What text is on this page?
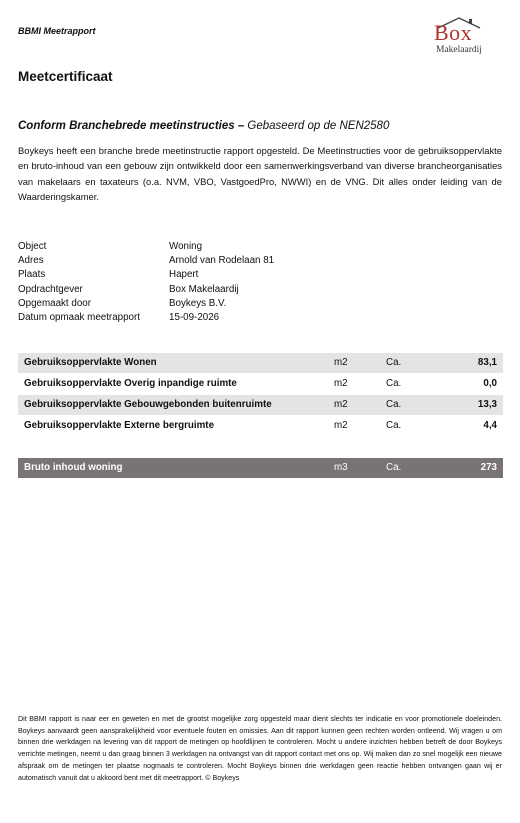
BBMI Meetrapport	Box
Makelaardij
Meetcertificaat
Conform Branchebrede meetinstructies – Gebaseerd op de NEN2580
Boykeys heeft een branche brede meetinstructie rapport opgesteld. De Meetinstructies voor de gebruiksoppervlakte en bruto-inhoud van een gebouw zijn ontwikkeld door een samenwerkingsverband van diverse brancheorganisaties van makelaars en taxateurs (o.a. NVM, VBO, VastgoedPro, NWWI) en de VNG. Dit alles onder leiding van de Waarderingskamer.
Object	Woning
Adres	Arnold van Rodelaan 81
Plaats	Hapert
Opdrachtgever	Box Makelaardij
Opgemaakt door	Boykeys B.V.
Datum opmaak meetrapport	15-09-2026
Gebruiksoppervlakte Wonen	m2	Ca.	83,1
Gebruiksoppervlakte Overig inpandige ruimte	m2	Ca.	0,0
Gebruiksoppervlakte Gebouwgebonden buitenruimte	m2	Ca.	13,3
Gebruiksoppervlakte Externe bergruimte	m2	Ca.	4,4
Bruto inhoud woning	m3	Ca.	273
Dit BBMI rapport is naar eer en geweten en met de grootst mogelijke zorg opgesteld maar dient slechts ter indicatie en voor promotionele doeleinden. Boykeys aanvaardt geen aansprakelijkheid voor eventuele fouten en omissies. Aan dit rapport kunnen geen rechten worden ontleend. Wij vragen u om binnen drie werkdagen na levering van dit rapport de metingen op hoofdlijnen te controleren. Mocht u andere inzichten hebben betreft de door Boykeys verrichte metingen, neemt u dan graag binnen 3 werkdagen na ontvangst van dit rapport contact met ons op. Wij maken dan zo snel mogelijk een nieuwe afspraak om de metingen ter plaatse nogmaals te controleren. Mocht Boykeys binnen drie werkdagen geen reactie hebben ontvangen gaan wij er automatisch vanuit dat u akkoord bent met dit meetrapport. © Boykeys
